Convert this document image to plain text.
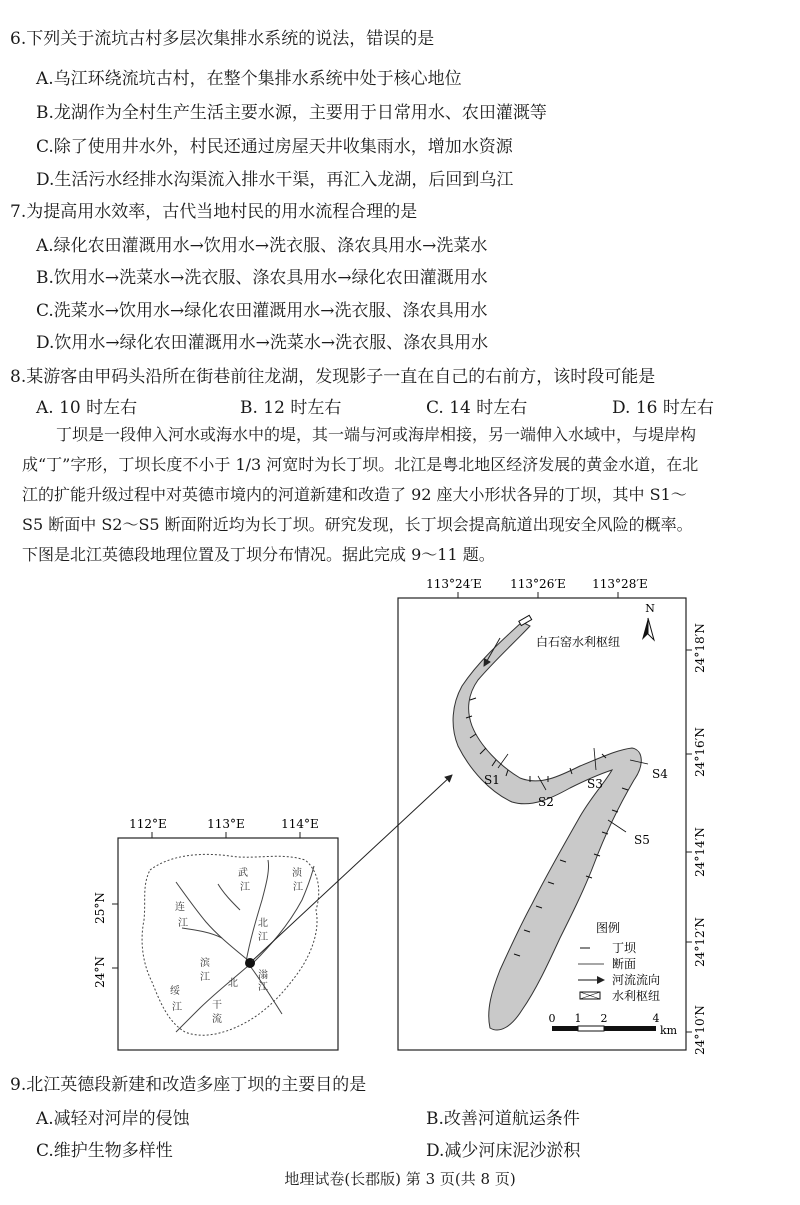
6.下列关于流坑古村多层次集排水系统的说法，错误的是
A.乌江环绕流坑古村，在整个集排水系统中处于核心地位
B.龙湖作为全村生产生活主要水源，主要用于日常用水、农田灌溉等
C.除了使用井水外，村民还通过房屋天井收集雨水，增加水资源
D.生活污水经排水沟渠流入排水干渠，再汇入龙湖，后回到乌江
7.为提高用水效率，古代当地村民的用水流程合理的是
A.绿化农田灌溉用水→饮用水→洗衣服、涤农具用水→洗菜水
B.饮用水→洗菜水→洗衣服、涤农具用水→绿化农田灌溉用水
C.洗菜水→饮用水→绿化农田灌溉用水→洗衣服、涤农具用水
D.饮用水→绿化农田灌溉用水→洗菜水→洗衣服、涤农具用水
8.某游客由甲码头沿所在街巷前往龙湖，发现影子一直在自己的右前方，该时段可能是
A. 10 时左右	B. 12 时左右	C. 14 时左右	D. 16 时左右
丁坝是一段伸入河水或海水中的堤，其一端与河或海岸相接，另一端伸入水域中，与堤岸构
成“丁”字形，丁坝长度不小于 1/3 河宽时为长丁坝。北江是粤北地区经济发展的黄金水道，在北
江的扩能升级过程中对英德市境内的河道新建和改造了 92 座大小形状各异的丁坝，其中 S1～
S5 断面中 S2～S5 断面附近均为长丁坝。研究发现，长丁坝会提高航道出现安全风险的概率。
下图是北江英德段地理位置及丁坝分布情况。据此完成 9～11 题。
112°E	113°E	114°E
25°N
24°N
武
江
北
江
连
江
浈
江
滃
江
滨
江
绥
江	干
流
北
113°24′E 113°26′E 113°28′E
24°18′N
24°16′N
24°14′N
24°12′N
24°10′N
N
白石窑水利枢纽
S1
S2
S3
S4
S5
图例
丁坝
断面
河流流向
水利枢纽
0 1 2	4
km
9.北江英德段新建和改造多座丁坝的主要目的是
A.减轻对河岸的侵蚀	B.改善河道航运条件
C.维护生物多样性	D.减少河床泥沙淤积
地理试卷(长郡版) 第 3 页(共 8 页)
